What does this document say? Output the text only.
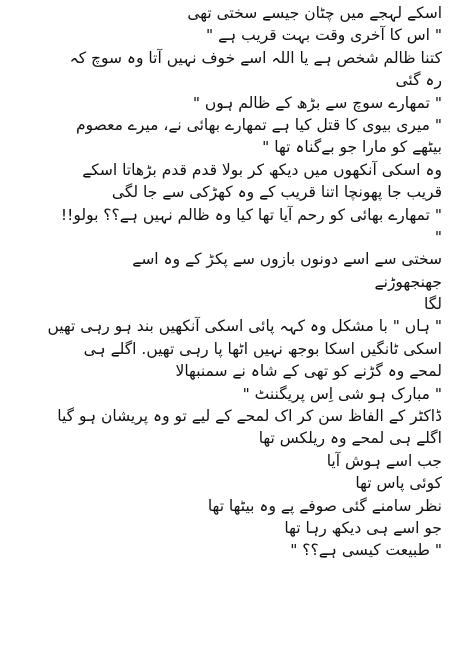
اسکے لہجے میں چٹان جیسے سختی تھی
" اس کا آخری وقت بہت قریب ہے "
کتنا ظالم شخص ہے یا اللہ اسے خوف نہیں آتا وہ سوچ کہ
رہ گئی
" تمھارے سوچ سے بڑھ کے ظالم ہوں "
" میری بیوی کا قتل کیا ہے تمھارے بھائی نے، میرے معصوم
بیٹھے کو مارا جو بےگناہ تھا "
وہ اسکی آنکھوں میں دیکھ کر بولا قدم قدم بڑھاتا اسکے
قریب جا پھونچا اتنا قریب کے وہ کھڑکی سے جا لگی
" تمھارے بھائی کو رحم آیا تھا کیا وہ ظالم نہیں ہے؟؟ بولو!!
"
سختی سے اسے دونوں بازوں سے پکڑ کے وہ اسے
جھنجھوڑنے
لگا
" ہاں " با مشکل وہ کہہ پائی اسکی آنکھیں بند ہو رہی تھیں
اسکی ٹانگیں اسکا بوجھ نہیں اٹھا پا رہی تھیں. اگلے ہی
لمحے وہ گڑنے کو تھی کے شاہ نے سمنبھالا
" مبارک ہو شی اِس پریگننٹ "
ڈاکٹر کے الفاظ سن کر اک لمحے کے لیے تو وہ پریشان ہو گیا
اگلے ہی لمحے وہ ریلکس تھا
جب اسے ہوش آیا
کوئی پاس تھا
نظر سامنے گئی صوفے پے وہ بیٹھا تھا
جو اسے ہی دیکھ رہا تھا
" طبیعت کیسی ہے؟؟ "
